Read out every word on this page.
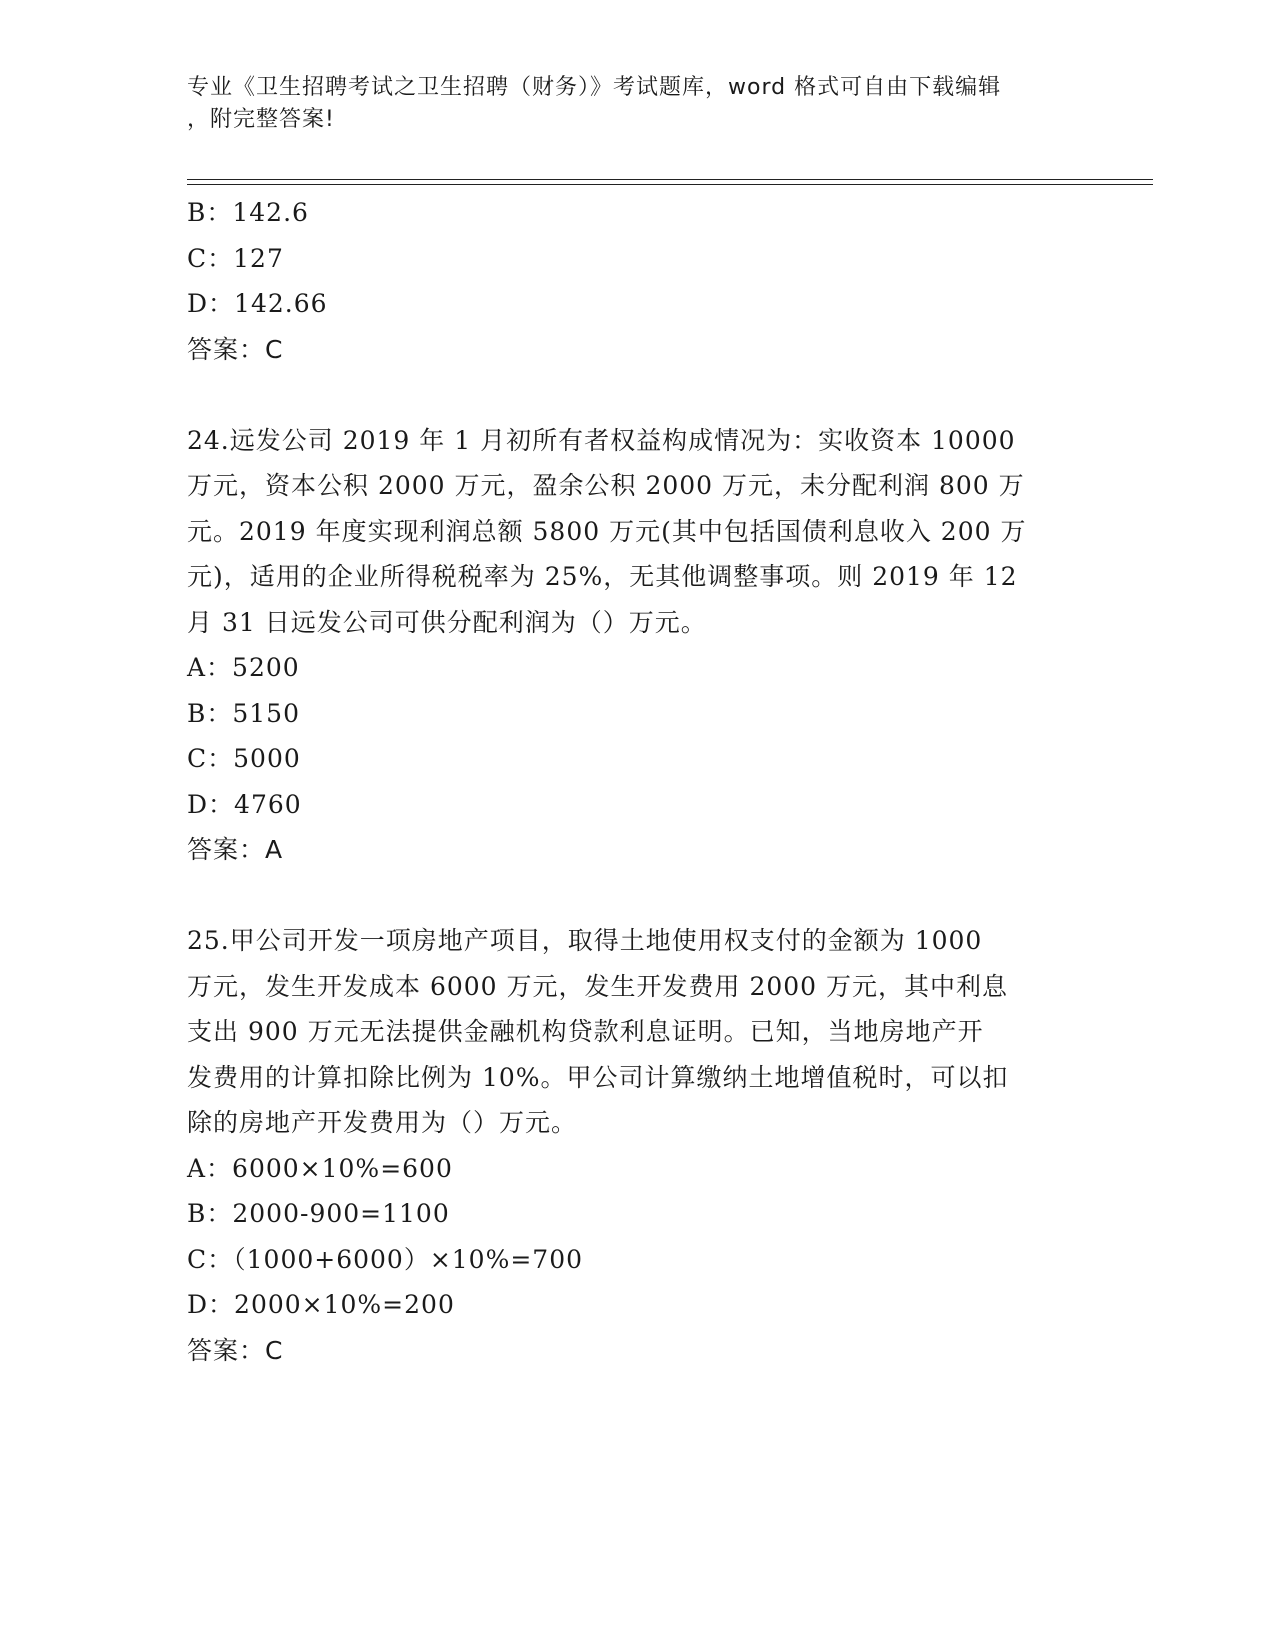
专业《卫生招聘考试之卫生招聘（财务）》考试题库，word 格式可自由下载编辑
，附完整答案!
B：142.6
C：127
D：142.66
答案：C
24.远发公司 2019 年 1 月初所有者权益构成情况为：实收资本 10000
万元，资本公积 2000 万元，盈余公积 2000 万元，未分配利润 800 万
元。2019 年度实现利润总额 5800 万元(其中包括国债利息收入 200 万
元)，适用的企业所得税税率为 25%，无其他调整事项。则 2019 年 12
月 31 日远发公司可供分配利润为（）万元。
A：5200
B：5150
C：5000
D：4760
答案：A
25.甲公司开发一项房地产项目，取得土地使用权支付的金额为 1000
万元，发生开发成本 6000 万元，发生开发费用 2000 万元，其中利息
支出 900 万元无法提供金融机构贷款利息证明。已知，当地房地产开
发费用的计算扣除比例为 10%。甲公司计算缴纳土地增值税时，可以扣
除的房地产开发费用为（）万元。
A：6000×10%=600
B：2000-900=1100
C：（1000+6000）×10%=700
D：2000×10%=200
答案：C
